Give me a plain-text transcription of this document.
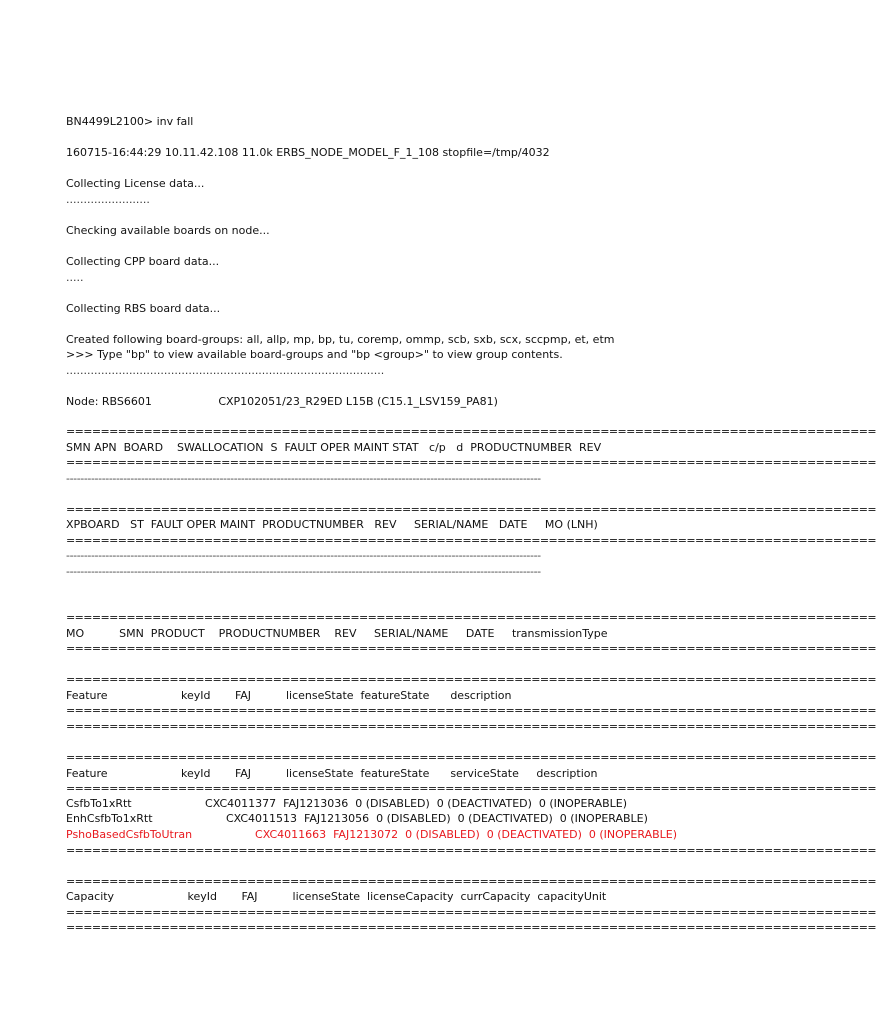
BN4499L2100> inv fall
160715-16:44:29 10.11.42.108 11.0k ERBS_NODE_MODEL_F_1_108 stopfile=/tmp/4032
Collecting License data...
........................
Checking available boards on node...
Collecting CPP board data...
.....
Collecting RBS board data...
Created following board-groups: all, allp, mp, bp, tu, coremp, ommp, scb, sxb, scx, sccpmp, et, etm
>>> Type "bp" to view available board-groups and "bp <group>" to view group contents.
...........................................................................................
Node: RBS6601                   CXP102051/23_R29ED L15B (C15.1_LSV159_PA81)
==============================================================================================
SMN APN  BOARD    SWALLOCATION  S  FAULT OPER MAINT STAT   c/p   d  PRODUCTNUMBER  REV
==============================================================================================
-------------------------------------------------------------------------------------------------------------------------------------
==============================================================================================
XPBOARD   ST  FAULT OPER MAINT  PRODUCTNUMBER   REV     SERIAL/NAME   DATE     MO (LNH)
==============================================================================================
-------------------------------------------------------------------------------------------------------------------------------------
-------------------------------------------------------------------------------------------------------------------------------------
==============================================================================================
MO          SMN  PRODUCT    PRODUCTNUMBER    REV     SERIAL/NAME     DATE     transmissionType
==============================================================================================
==============================================================================================
Feature                     keyId       FAJ          licenseState  featureState      description
==============================================================================================
==============================================================================================
==============================================================================================
Feature                     keyId       FAJ          licenseState  featureState      serviceState     description
==============================================================================================
CsfbTo1xRtt                     CXC4011377  FAJ1213036  0 (DISABLED)  0 (DEACTIVATED)  0 (INOPERABLE)
EnhCsfbTo1xRtt                     CXC4011513  FAJ1213056  0 (DISABLED)  0 (DEACTIVATED)  0 (INOPERABLE)
PshoBasedCsfbToUtran                  CXC4011663  FAJ1213072  0 (DISABLED)  0 (DEACTIVATED)  0 (INOPERABLE)
==============================================================================================
==============================================================================================
Capacity                     keyId       FAJ          licenseState  licenseCapacity  currCapacity  capacityUnit
==============================================================================================
==============================================================================================
